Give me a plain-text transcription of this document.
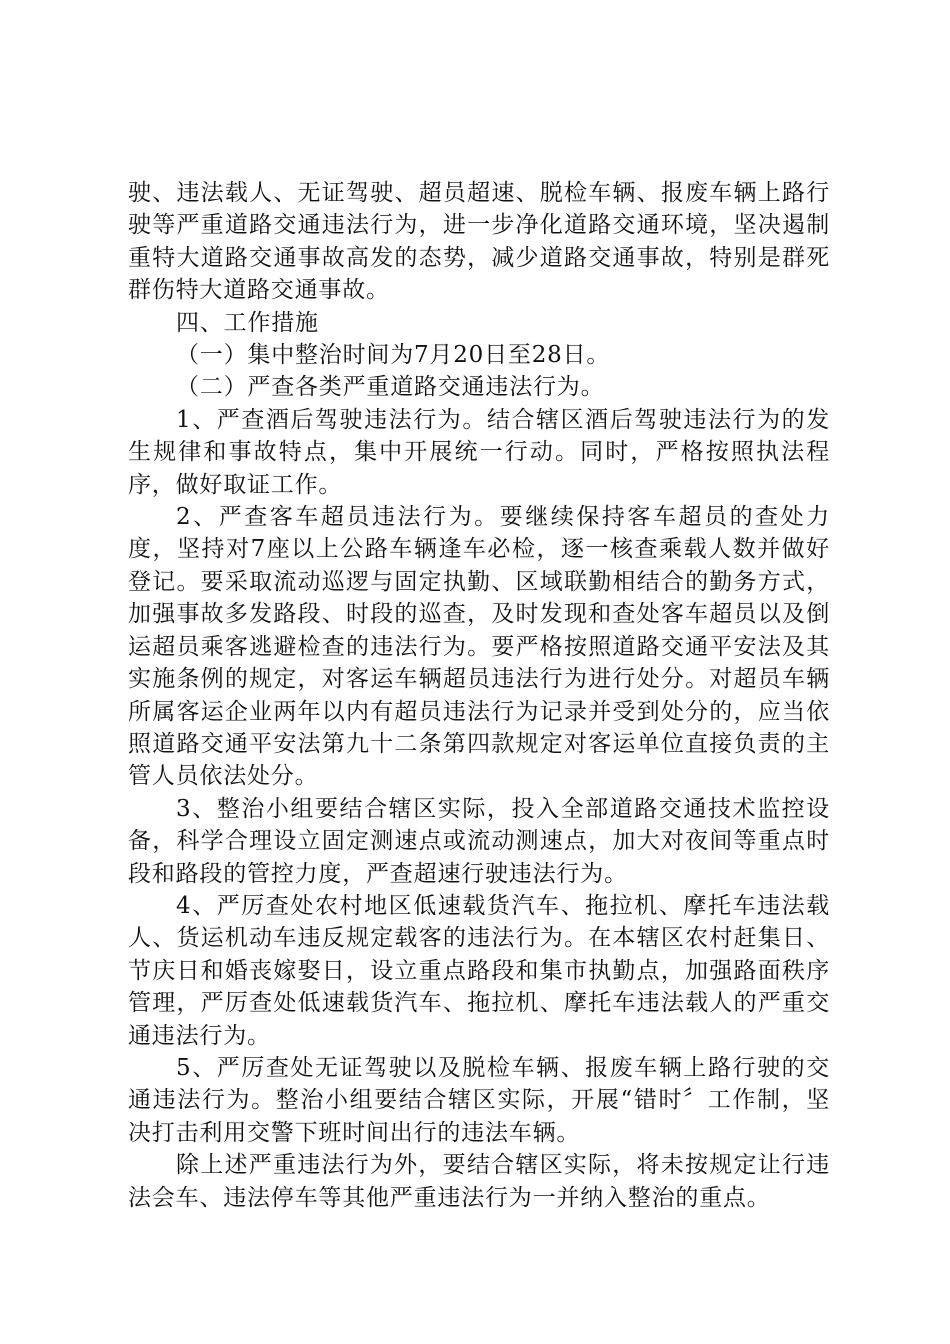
驶、违法载人、无证驾驶、超员超速、脱检车辆、报废车辆上路行驶等严重道路交通违法行为，进一步净化道路交通环境，坚决遏制重特大道路交通事故高发的态势，减少道路交通事故，特别是群死群伤特大道路交通事故。

四、工作措施

（一）集中整治时间为7月20日至28日。

（二）严查各类严重道路交通违法行为。

1、严查酒后驾驶违法行为。结合辖区酒后驾驶违法行为的发生规律和事故特点，集中开展统一行动。同时，严格按照执法程序，做好取证工作。

2、严查客车超员违法行为。要继续保持客车超员的查处力度，坚持对7座以上公路车辆逢车必检，逐一核查乘载人数并做好登记。要采取流动巡逻与固定执勤、区域联勤相结合的勤务方式，加强事故多发路段、时段的巡查，及时发现和查处客车超员以及倒运超员乘客逃避检查的违法行为。要严格按照道路交通平安法及其实施条例的规定，对客运车辆超员违法行为进行处分。对超员车辆所属客运企业两年以内有超员违法行为记录并受到处分的，应当依照道路交通平安法第九十二条第四款规定对客运单位直接负责的主管人员依法处分。

3、整治小组要结合辖区实际，投入全部道路交通技术监控设备，科学合理设立固定测速点或流动测速点，加大对夜间等重点时段和路段的管控力度，严查超速行驶违法行为。

4、严厉查处农村地区低速载货汽车、拖拉机、摩托车违法载人、货运机动车违反规定载客的违法行为。在本辖区农村赶集日、节庆日和婚丧嫁娶日，设立重点路段和集市执勤点，加强路面秩序管理，严厉查处低速载货汽车、拖拉机、摩托车违法载人的严重交通违法行为。

5、严厉查处无证驾驶以及脱检车辆、报废车辆上路行驶的交通违法行为。整治小组要结合辖区实际，开展“错时〞工作制，坚决打击利用交警下班时间出行的违法车辆。

除上述严重违法行为外，要结合辖区实际，将未按规定让行违法会车、违法停车等其他严重违法行为一并纳入整治的重点。
